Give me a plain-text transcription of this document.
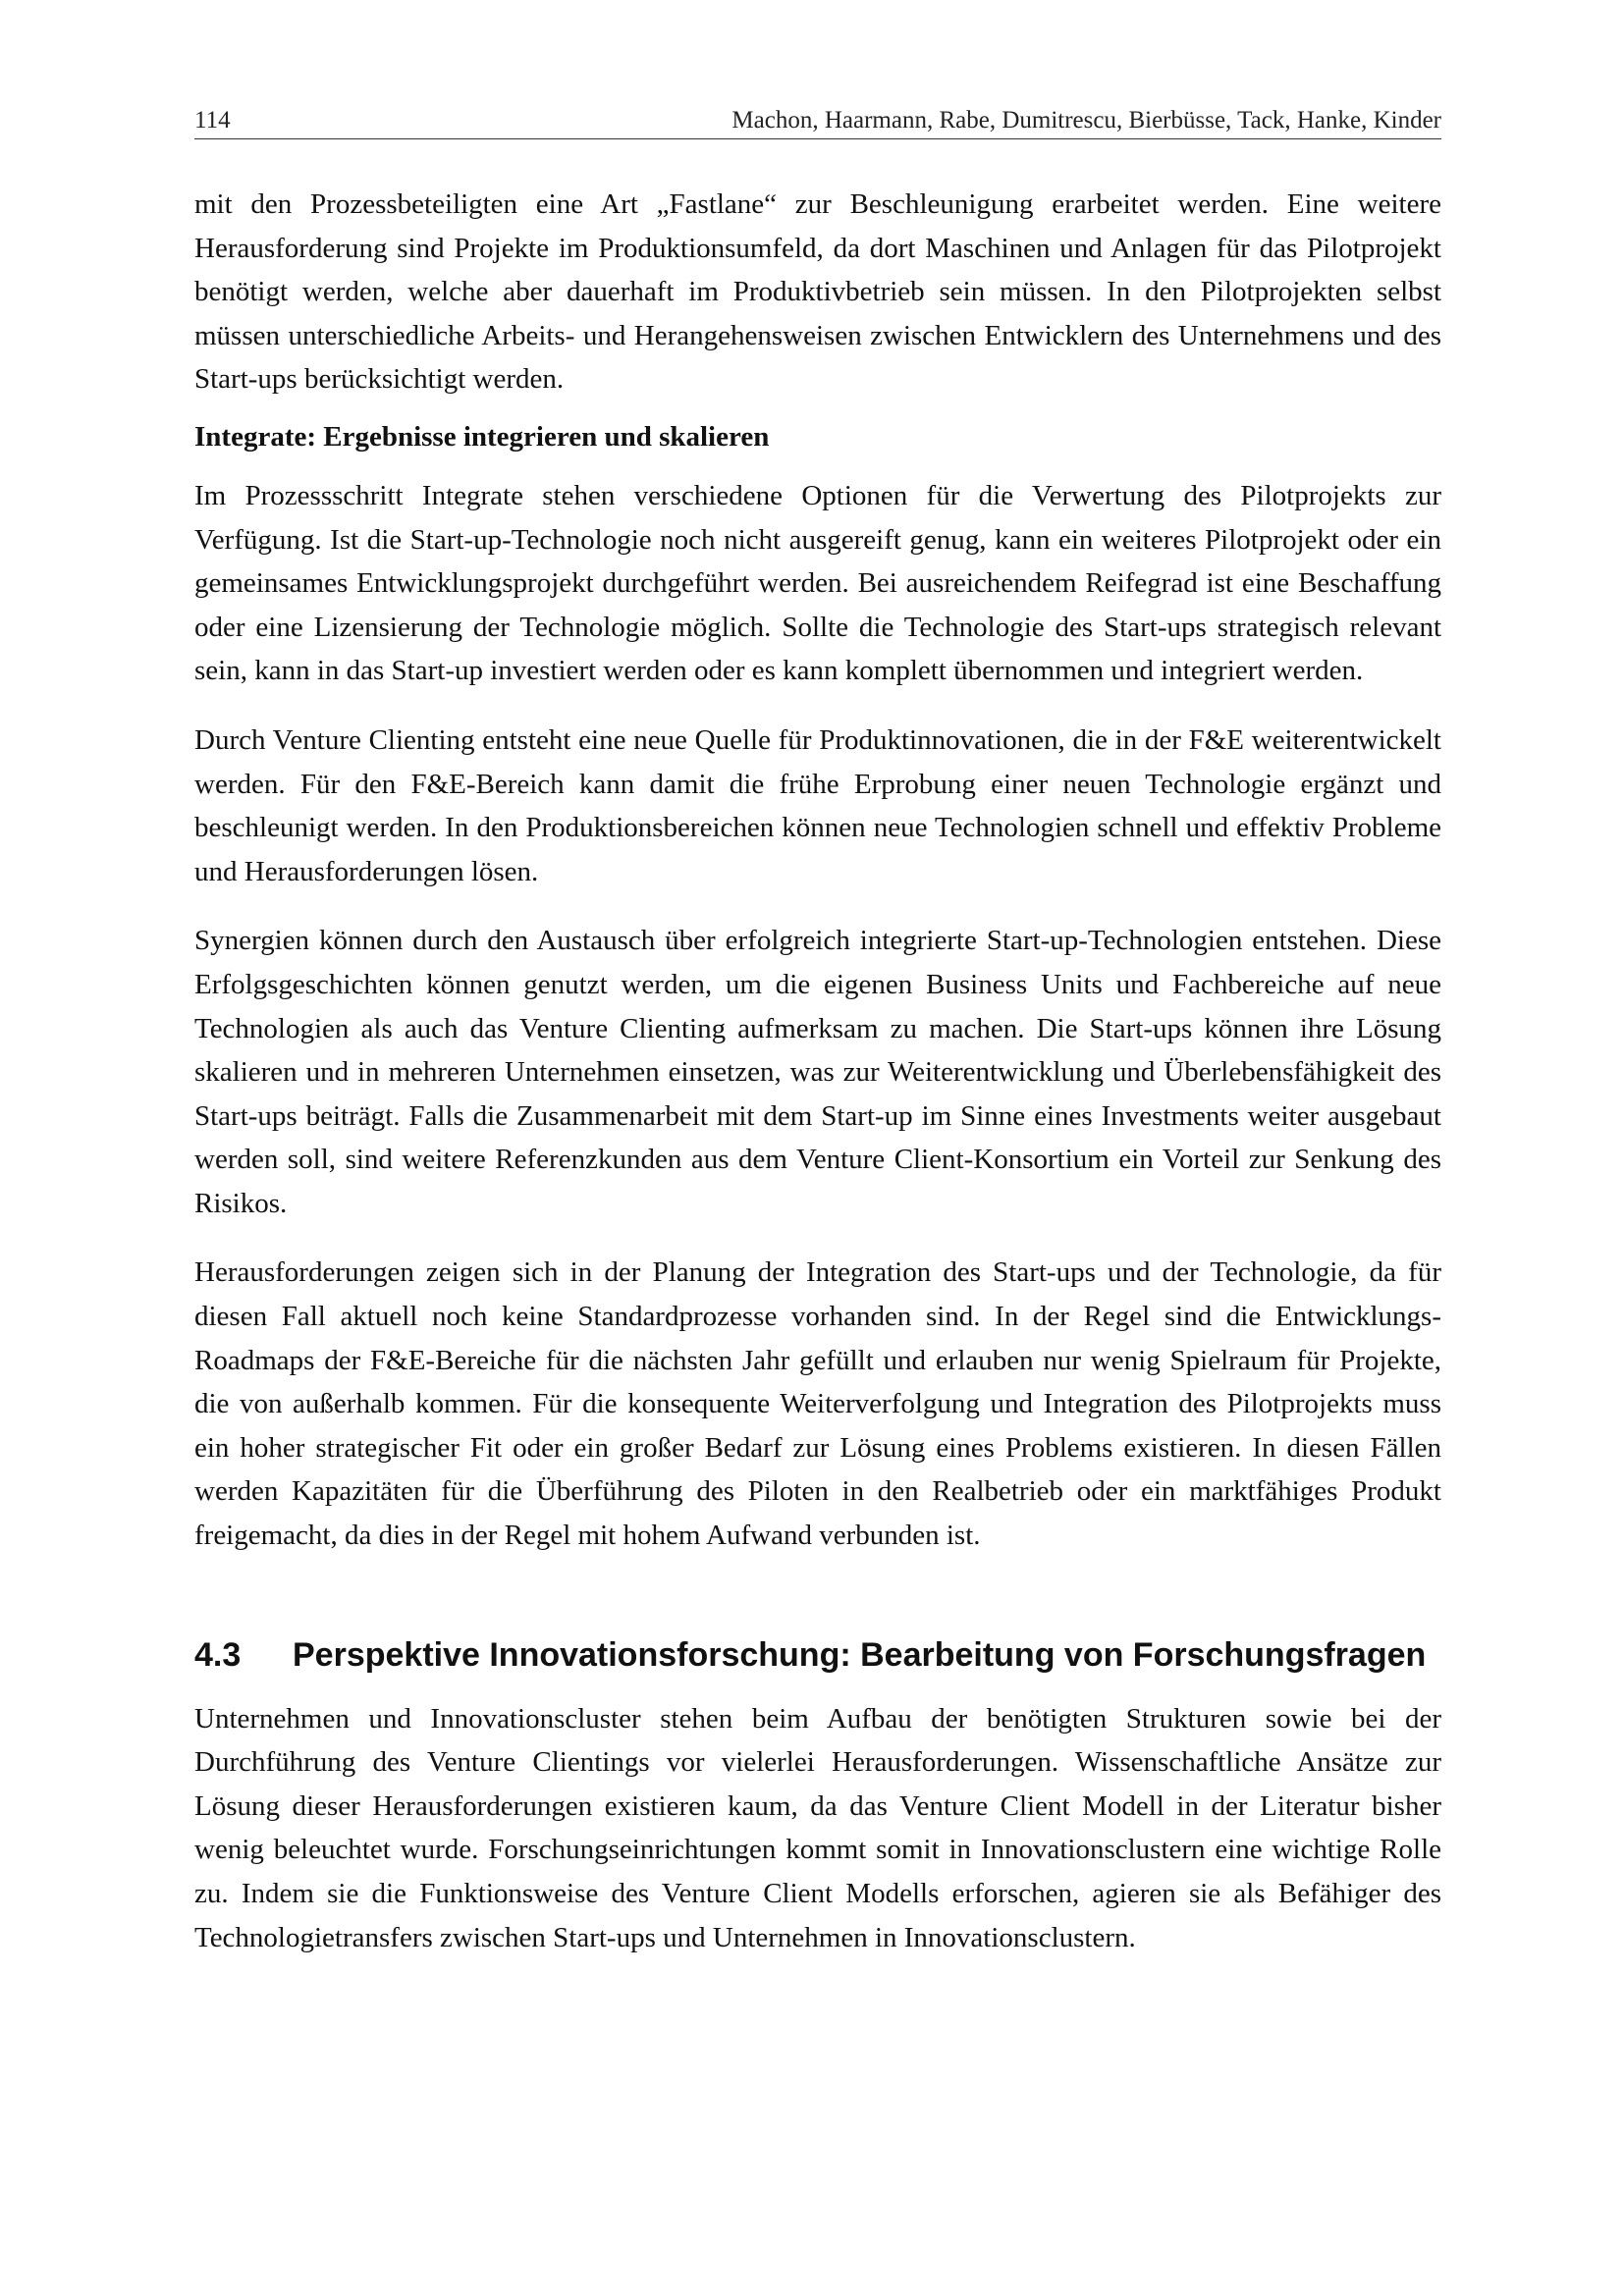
114	Machon, Haarmann, Rabe, Dumitrescu, Bierbüsse, Tack, Hanke, Kinder

mit den Prozessbeteiligten eine Art „Fastlane“ zur Beschleunigung erarbeitet werden. Eine weitere Herausforderung sind Projekte im Produktionsumfeld, da dort Maschinen und Anlagen für das Pilotprojekt benötigt werden, welche aber dauerhaft im Produktivbetrieb sein müssen. In den Pilotprojekten selbst müssen unterschiedliche Arbeits- und Herangehensweisen zwischen Entwicklern des Unternehmens und des Start-ups berücksichtigt werden.

Integrate: Ergebnisse integrieren und skalieren

Im Prozessschritt Integrate stehen verschiedene Optionen für die Verwertung des Pilotprojekts zur Verfügung. Ist die Start-up-Technologie noch nicht ausgereift genug, kann ein weiteres Pilotprojekt oder ein gemeinsames Entwicklungsprojekt durchgeführt werden. Bei ausreichendem Reifegrad ist eine Beschaffung oder eine Lizensierung der Technologie möglich. Sollte die Technologie des Start-ups strategisch relevant sein, kann in das Start-up investiert werden oder es kann komplett übernommen und integriert werden.

Durch Venture Clienting entsteht eine neue Quelle für Produktinnovationen, die in der F&E weiterentwickelt werden. Für den F&E-Bereich kann damit die frühe Erprobung einer neuen Technologie ergänzt und beschleunigt werden. In den Produktionsbereichen können neue Technologien schnell und effektiv Probleme und Herausforderungen lösen.

Synergien können durch den Austausch über erfolgreich integrierte Start-up-Technologien entstehen. Diese Erfolgsgeschichten können genutzt werden, um die eigenen Business Units und Fachbereiche auf neue Technologien als auch das Venture Clienting aufmerksam zu machen. Die Start-ups können ihre Lösung skalieren und in mehreren Unternehmen einsetzen, was zur Weiterentwicklung und Überlebensfähigkeit des Start-ups beiträgt. Falls die Zusammenarbeit mit dem Start-up im Sinne eines Investments weiter ausgebaut werden soll, sind weitere Referenzkunden aus dem Venture Client-Konsortium ein Vorteil zur Senkung des Risikos.

Herausforderungen zeigen sich in der Planung der Integration des Start-ups und der Technologie, da für diesen Fall aktuell noch keine Standardprozesse vorhanden sind. In der Regel sind die Entwicklungs-Roadmaps der F&E-Bereiche für die nächsten Jahr gefüllt und erlauben nur wenig Spielraum für Projekte, die von außerhalb kommen. Für die konsequente Weiterverfolgung und Integration des Pilotprojekts muss ein hoher strategischer Fit oder ein großer Bedarf zur Lösung eines Problems existieren. In diesen Fällen werden Kapazitäten für die Überführung des Piloten in den Realbetrieb oder ein marktfähiges Produkt freigemacht, da dies in der Regel mit hohem Aufwand verbunden ist.

4.3	Perspektive Innovationsforschung: Bearbeitung von Forschungsfragen

Unternehmen und Innovationscluster stehen beim Aufbau der benötigten Strukturen sowie bei der Durchführung des Venture Clientings vor vielerlei Herausforderungen. Wissenschaftliche Ansätze zur Lösung dieser Herausforderungen existieren kaum, da das Venture Client Modell in der Literatur bisher wenig beleuchtet wurde. Forschungseinrichtungen kommt somit in Innovationsclustern eine wichtige Rolle zu. Indem sie die Funktionsweise des Venture Client Modells erforschen, agieren sie als Befähiger des Technologietransfers zwischen Start-ups und Unternehmen in Innovationsclustern.
